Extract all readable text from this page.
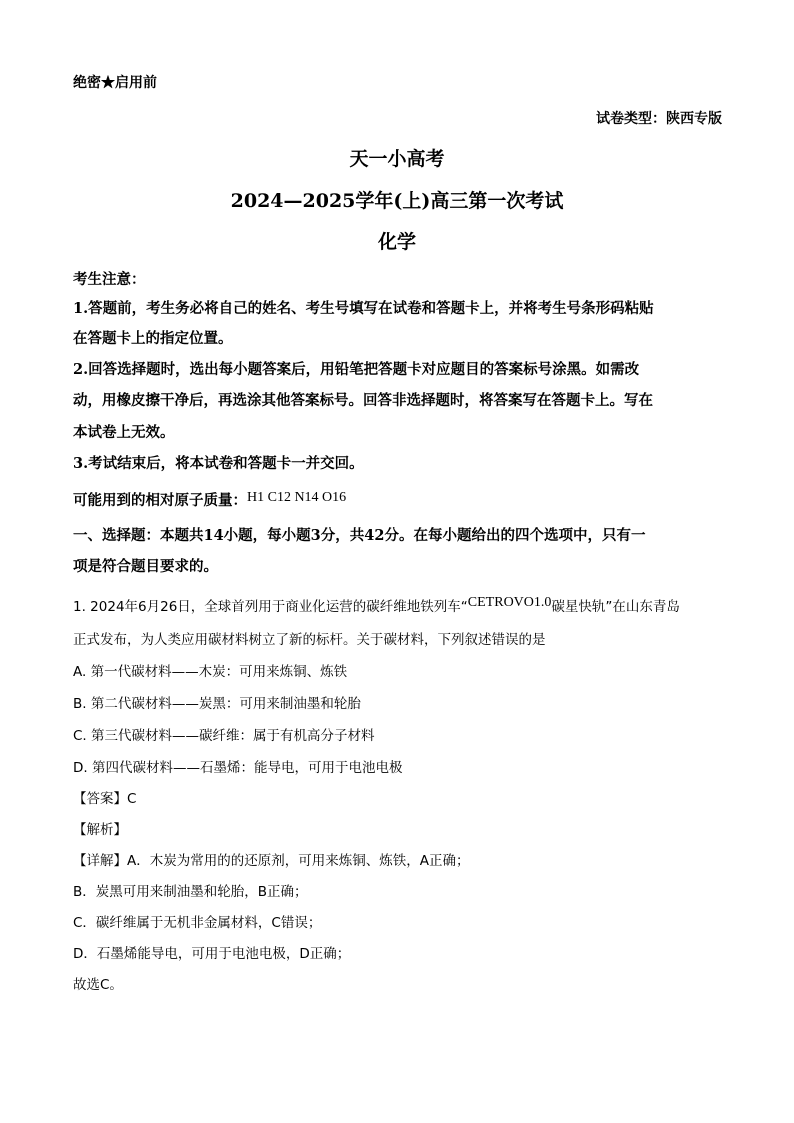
绝密★启用前
试卷类型：陕西专版
天一小高考
2024—2025学年(上)高三第一次考试
化学
考生注意：
1.答题前，考生务必将自己的姓名、考生号填写在试卷和答题卡上，并将考生号条形码粘贴
在答题卡上的指定位置。
2.回答选择题时，选出每小题答案后，用铅笔把答题卡对应题目的答案标号涂黑。如需改
动，用橡皮擦干净后，再选涂其他答案标号。回答非选择题时，将答案写在答题卡上。写在
本试卷上无效。
3.考试结束后，将本试卷和答题卡一并交回。
可能用到的相对原子质量：H1 C12 N14 O16
一、选择题：本题共14小题，每小题3分，共42分。在每小题给出的四个选项中，只有一
项是符合题目要求的。
1. 2024年6月26日，全球首列用于商业化运营的碳纤维地铁列车“CETROVO1.0碳星快轨”在山东青岛
正式发布，为人类应用碳材料树立了新的标杆。关于碳材料，下列叙述错误的是
A. 第一代碳材料——木炭：可用来炼铜、炼铁
B. 第二代碳材料——炭黑：可用来制油墨和轮胎
C. 第三代碳材料——碳纤维：属于有机高分子材料
D. 第四代碳材料——石墨烯：能导电，可用于电池电极
【答案】C
【解析】
【详解】A．木炭为常用的的还原剂，可用来炼铜、炼铁，A正确；
B．炭黑可用来制油墨和轮胎，B正确；
C．碳纤维属于无机非金属材料，C错误；
D．石墨烯能导电，可用于电池电极，D正确；
故选C。
